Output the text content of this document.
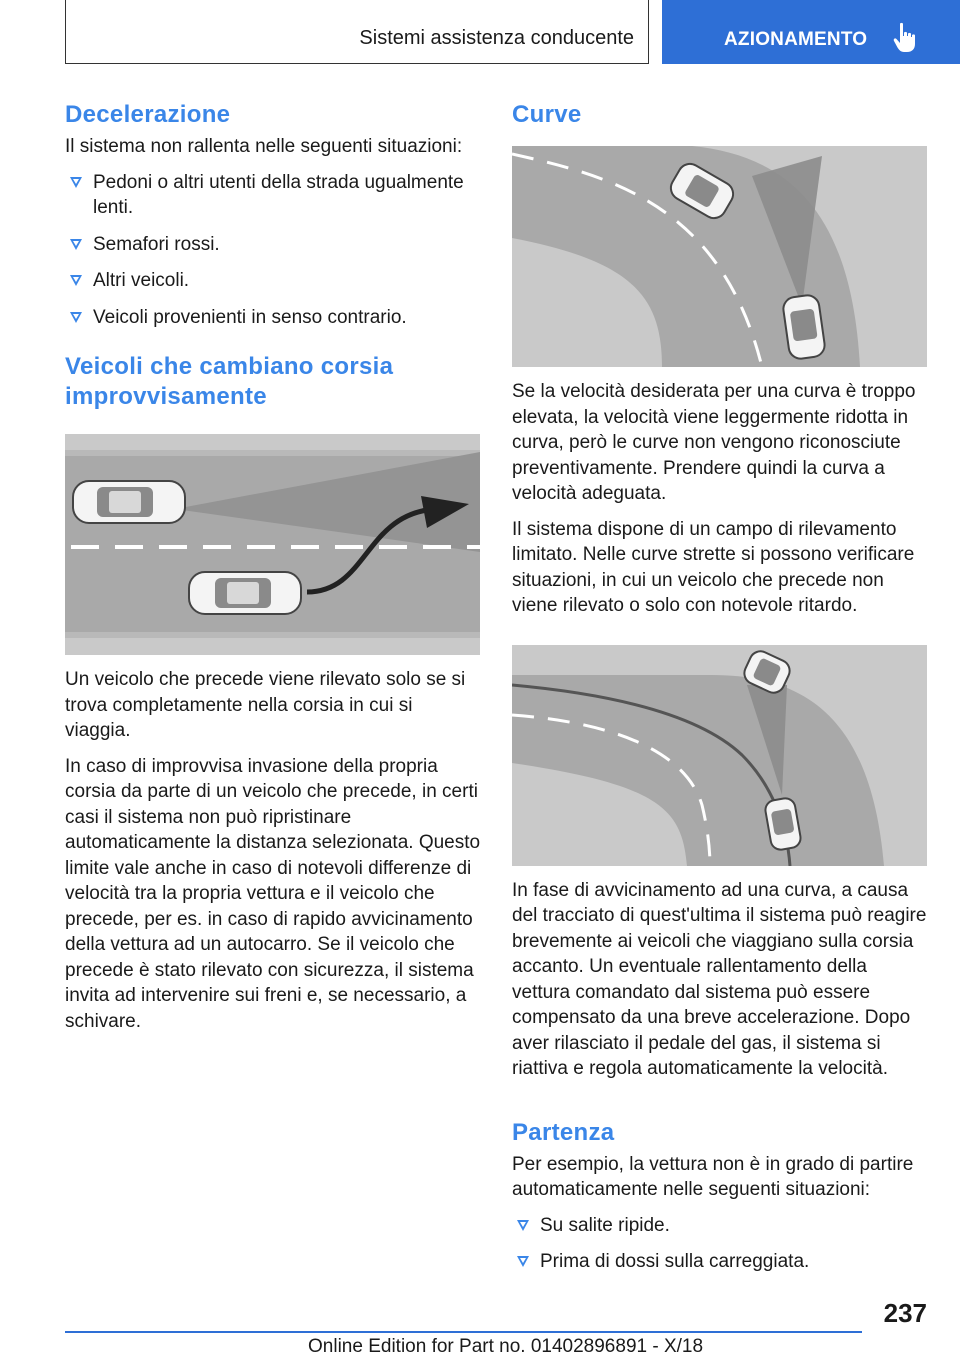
Sistemi assistenza conducente	AZIONAMENTO
Decelerazione

Il sistema non rallenta nelle seguenti situazioni:

Pedoni o altri utenti della strada ugualmente lenti.
Semafori rossi.
Altri veicoli.
Veicoli provenienti in senso contrario.
Veicoli che cambiano corsia improvvisamente

Un veicolo che precede viene rilevato solo se si trova completamente nella corsia in cui si viaggia.

In caso di improvvisa invasione della propria corsia da parte di un veicolo che precede, in certi casi il sistema non può ripristinare automaticamente la distanza selezionata. Questo limite vale anche in caso di notevoli differenze di velocità tra la propria vettura e il veicolo che precede, per es. in caso di rapido avvicinamento della vettura ad un autocarro. Se il veicolo che precede è stato rilevato con sicurezza, il sistema invita ad intervenire sui freni e, se necessario, a schivare.

Curve

Se la velocità desiderata per una curva è troppo elevata, la velocità viene leggermente ridotta in curva, però le curve non vengono riconosciute preventivamente. Prendere quindi la curva a velocità adeguata.

Il sistema dispone di un campo di rilevamento limitato. Nelle curve strette si possono verificare situazioni, in cui un veicolo che precede non viene rilevato o solo con notevole ritardo.

In fase di avvicinamento ad una curva, a causa del tracciato di quest'ultima il sistema può reagire brevemente ai veicoli che viaggiano sulla corsia accanto. Un eventuale rallentamento della vettura comandato dal sistema può essere compensato da una breve accelerazione. Dopo aver rilasciato il pedale del gas, il sistema si riattiva e regola automaticamente la velocità.

Partenza

Per esempio, la vettura non è in grado di partire automaticamente nelle seguenti situazioni:

Su salite ripide.
Prima di dossi sulla carreggiata.
237
Online Edition for Part no. 01402896891 - X/18
